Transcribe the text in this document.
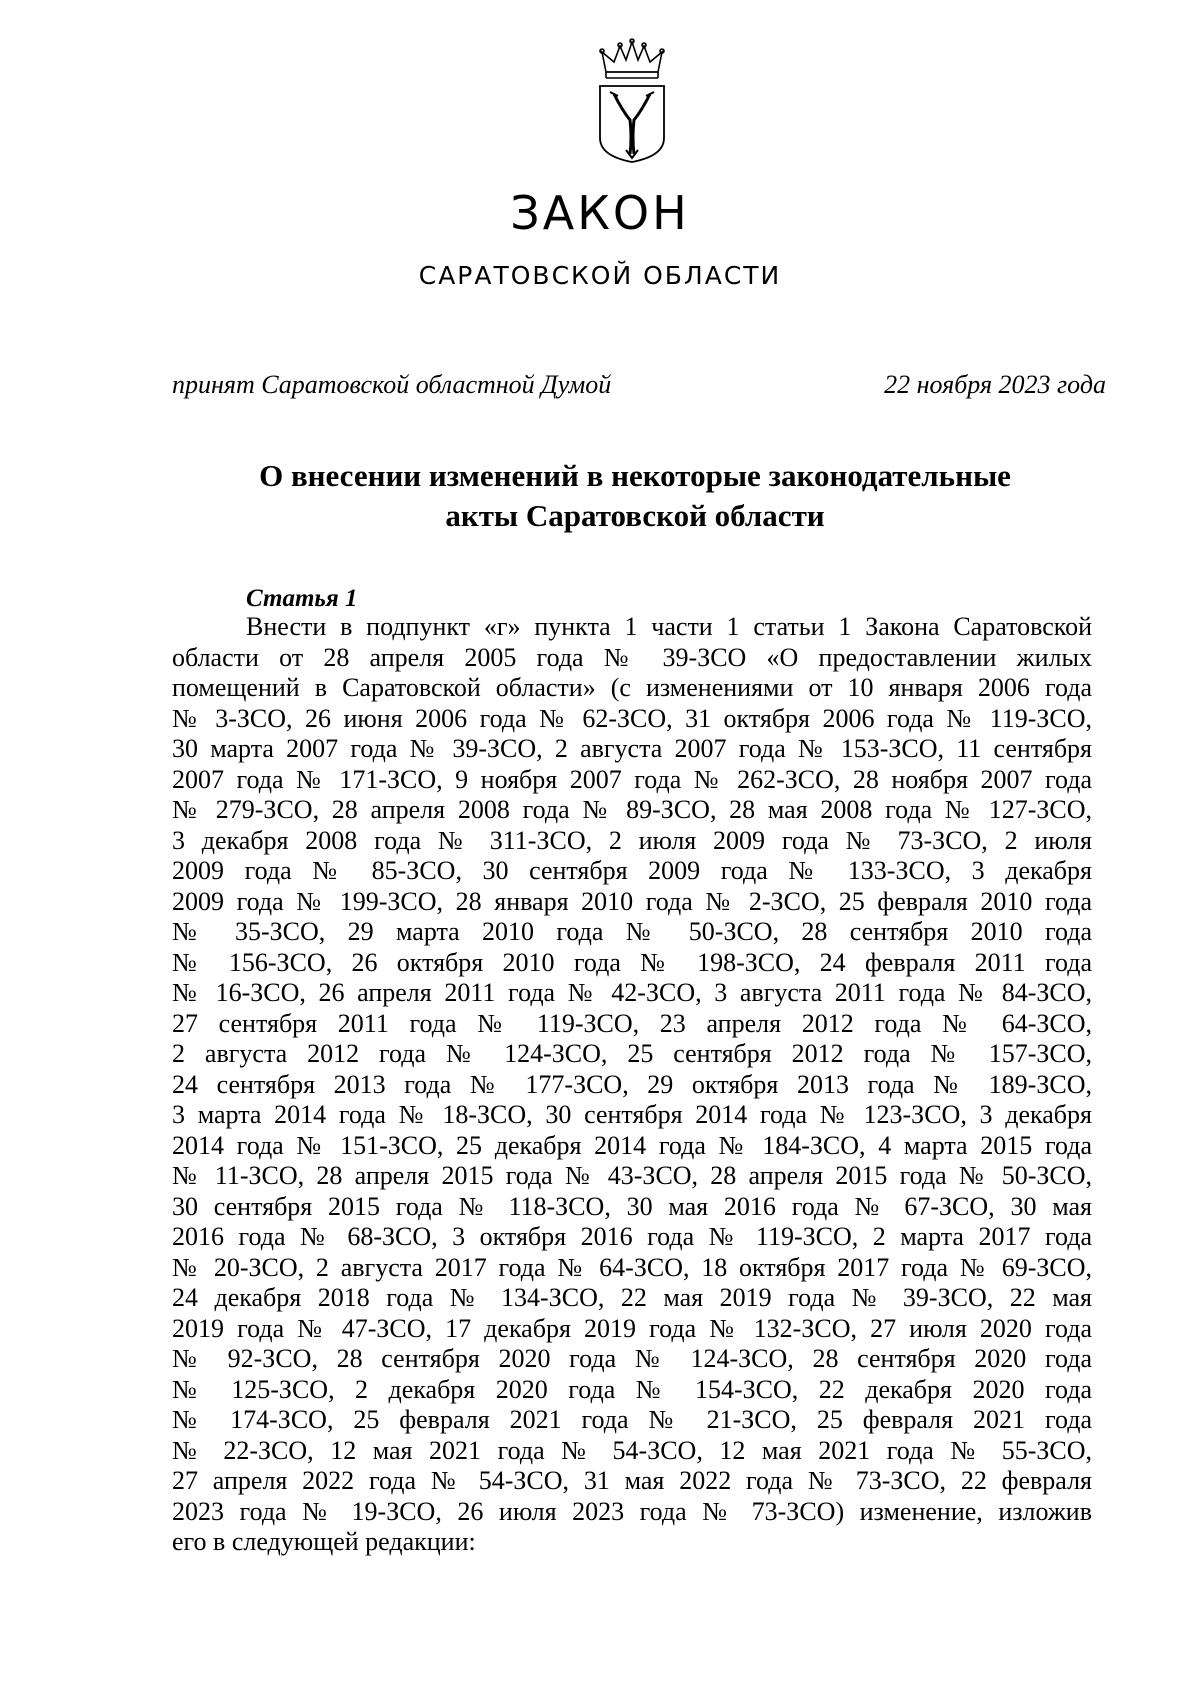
ЗАКОН
САРАТОВСКОЙ ОБЛАСТИ
принят Саратовской областной Думой	22 ноября 2023 года
О внесении изменений в некоторые законодательные
акты Саратовской области
Статья 1
Внести в подпункт «г» пункта 1 части 1 статьи 1 Закона Саратовской
области от 28 апреля 2005 года № 39-ЗСО «О предоставлении жилых
помещений в Саратовской области» (с изменениями от 10 января 2006 года
№ 3-ЗСО, 26 июня 2006 года № 62-ЗСО, 31 октября 2006 года № 119-ЗСО,
30 марта 2007 года № 39-ЗСО, 2 августа 2007 года № 153-ЗСО, 11 сентября
2007 года № 171-ЗСО, 9 ноября 2007 года № 262-ЗСО, 28 ноября 2007 года
№ 279-ЗСО, 28 апреля 2008 года № 89-ЗСО, 28 мая 2008 года № 127-ЗСО,
3 декабря 2008 года № 311-ЗСО, 2 июля 2009 года № 73-ЗСО, 2 июля
2009 года № 85-ЗСО, 30 сентября 2009 года № 133-ЗСО, 3 декабря
2009 года № 199-ЗСО, 28 января 2010 года № 2-ЗСО, 25 февраля 2010 года
№ 35-ЗСО, 29 марта 2010 года № 50-ЗСО, 28 сентября 2010 года
№ 156-ЗСО, 26 октября 2010 года № 198-ЗСО, 24 февраля 2011 года
№ 16-ЗСО, 26 апреля 2011 года № 42-ЗСО, 3 августа 2011 года № 84-ЗСО,
27 сентября 2011 года № 119-ЗСО, 23 апреля 2012 года № 64-ЗСО,
2 августа 2012 года № 124-ЗСО, 25 сентября 2012 года № 157-ЗСО,
24 сентября 2013 года № 177-ЗСО, 29 октября 2013 года № 189-ЗСО,
3 марта 2014 года № 18-ЗСО, 30 сентября 2014 года № 123-ЗСО, 3 декабря
2014 года № 151-ЗСО, 25 декабря 2014 года № 184-ЗСО, 4 марта 2015 года
№ 11-ЗСО, 28 апреля 2015 года № 43-ЗСО, 28 апреля 2015 года № 50-ЗСО,
30 сентября 2015 года № 118-ЗСО, 30 мая 2016 года № 67-ЗСО, 30 мая
2016 года № 68-ЗСО, 3 октября 2016 года № 119-ЗСО, 2 марта 2017 года
№ 20-ЗСО, 2 августа 2017 года № 64-ЗСО, 18 октября 2017 года № 69-ЗСО,
24 декабря 2018 года № 134-ЗСО, 22 мая 2019 года № 39-ЗСО, 22 мая
2019 года № 47-ЗСО, 17 декабря 2019 года № 132-ЗСО, 27 июля 2020 года
№ 92-ЗСО, 28 сентября 2020 года № 124-ЗСО, 28 сентября 2020 года
№ 125-ЗСО, 2 декабря 2020 года № 154-ЗСО, 22 декабря 2020 года
№ 174-ЗСО, 25 февраля 2021 года № 21-ЗСО, 25 февраля 2021 года
№ 22-ЗСО, 12 мая 2021 года № 54-ЗСО, 12 мая 2021 года № 55-ЗСО,
27 апреля 2022 года № 54-ЗСО, 31 мая 2022 года № 73-ЗСО, 22 февраля
2023 года № 19-ЗСО, 26 июля 2023 года № 73-ЗСО) изменение, изложив
его в следующей редакции:
